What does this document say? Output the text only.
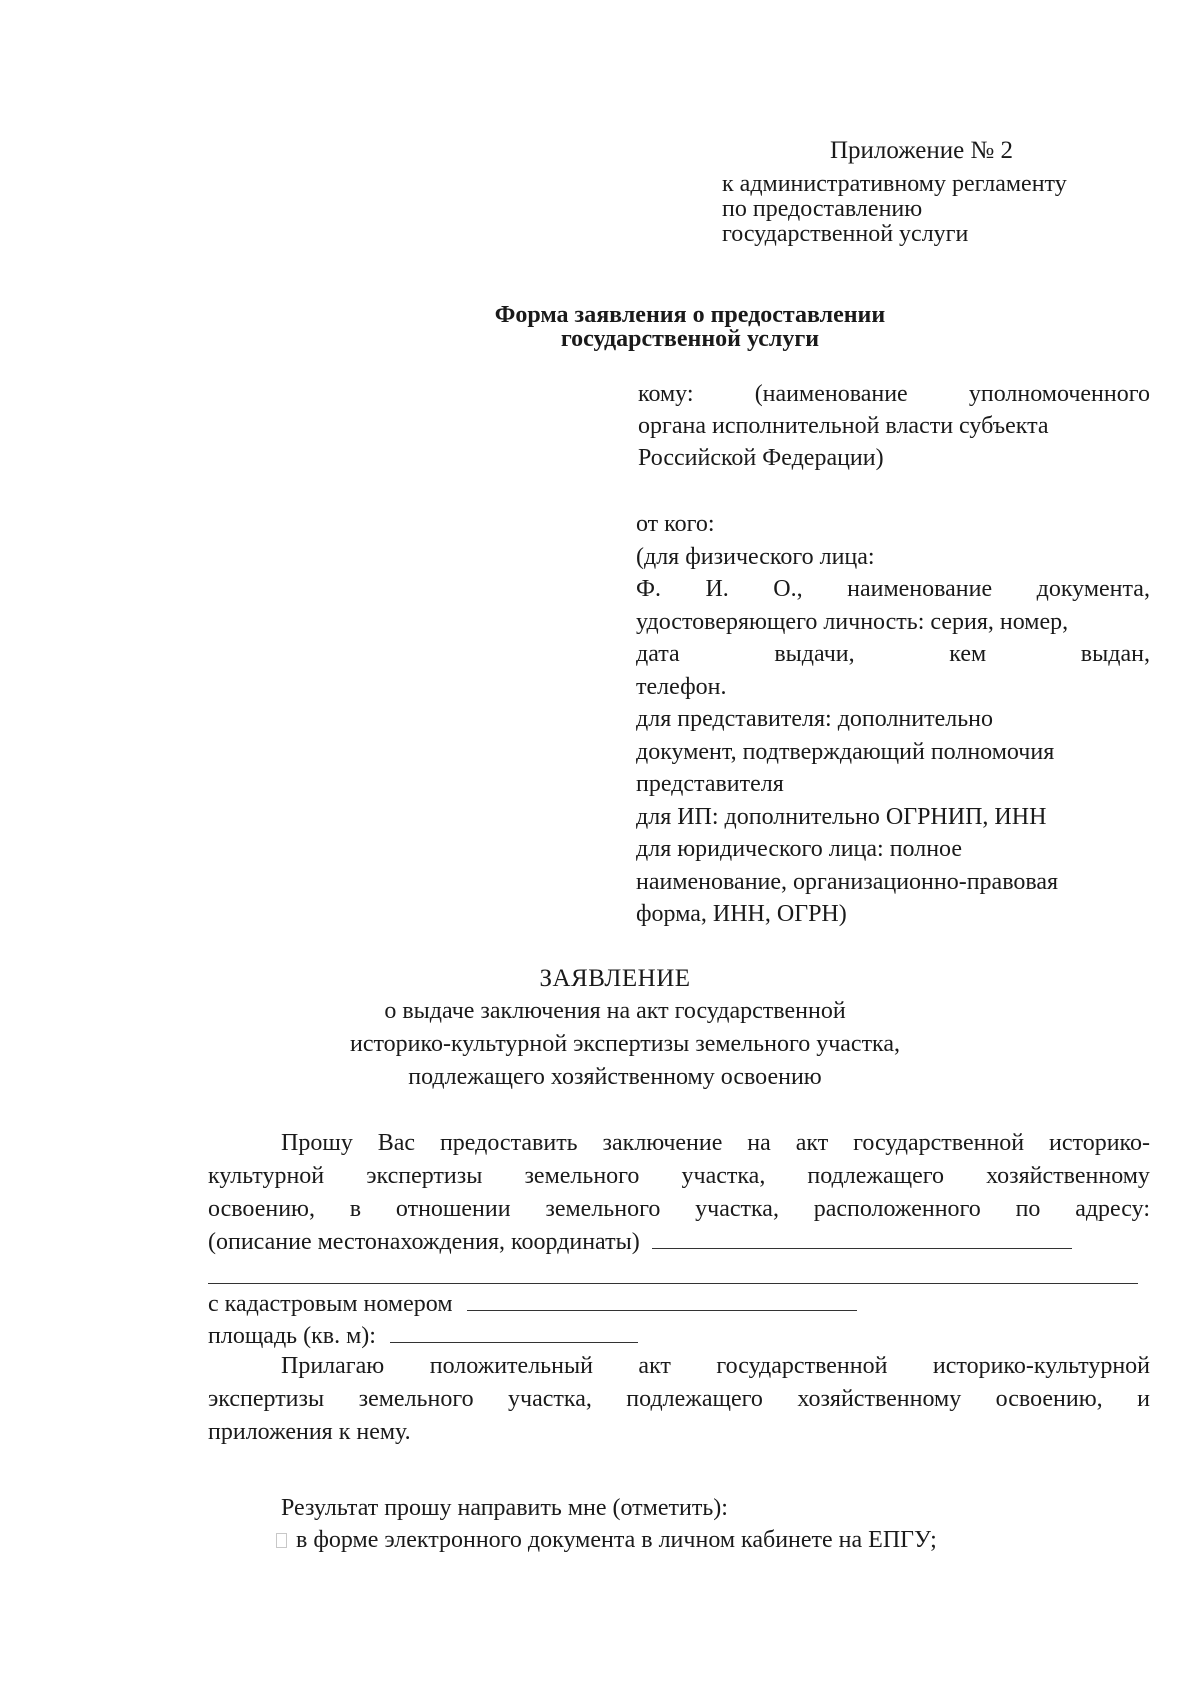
Приложение № 2
к административному регламенту
по предоставлению
государственной услуги
Форма заявления о предоставлении
государственной услуги
кому:	(наименование	уполномоченного
органа исполнительной власти субъекта
Российской Федерации)
от кого:
(для физического лица:
Ф. И. О., наименование документа,
удостоверяющего личность: серия, номер,
дата	выдачи,	кем	выдан,
телефон.
для представителя: дополнительно
документ, подтверждающий полномочия
представителя
для ИП: дополнительно ОГРНИП, ИНН
для юридического лица: полное
наименование, организационно-правовая
форма, ИНН, ОГРН)
ЗАЯВЛЕНИЕ
о выдаче заключения на акт государственной
историко-культурной экспертизы земельного участка,
подлежащего хозяйственному освоению
Прошу Вас предоставить заключение на акт государственной историко-
культурной экспертизы земельного участка, подлежащего хозяйственному
освоению, в отношении земельного участка, расположенного по адресу:
(описание местонахождения, координаты)
с кадастровым номером
площадь (кв. м):
Прилагаю положительный акт государственной историко-культурной
экспертизы земельного участка, подлежащего хозяйственному освоению, и
приложения к нему.
Результат прошу направить мне (отметить):
в форме электронного документа в личном кабинете на ЕПГУ;
